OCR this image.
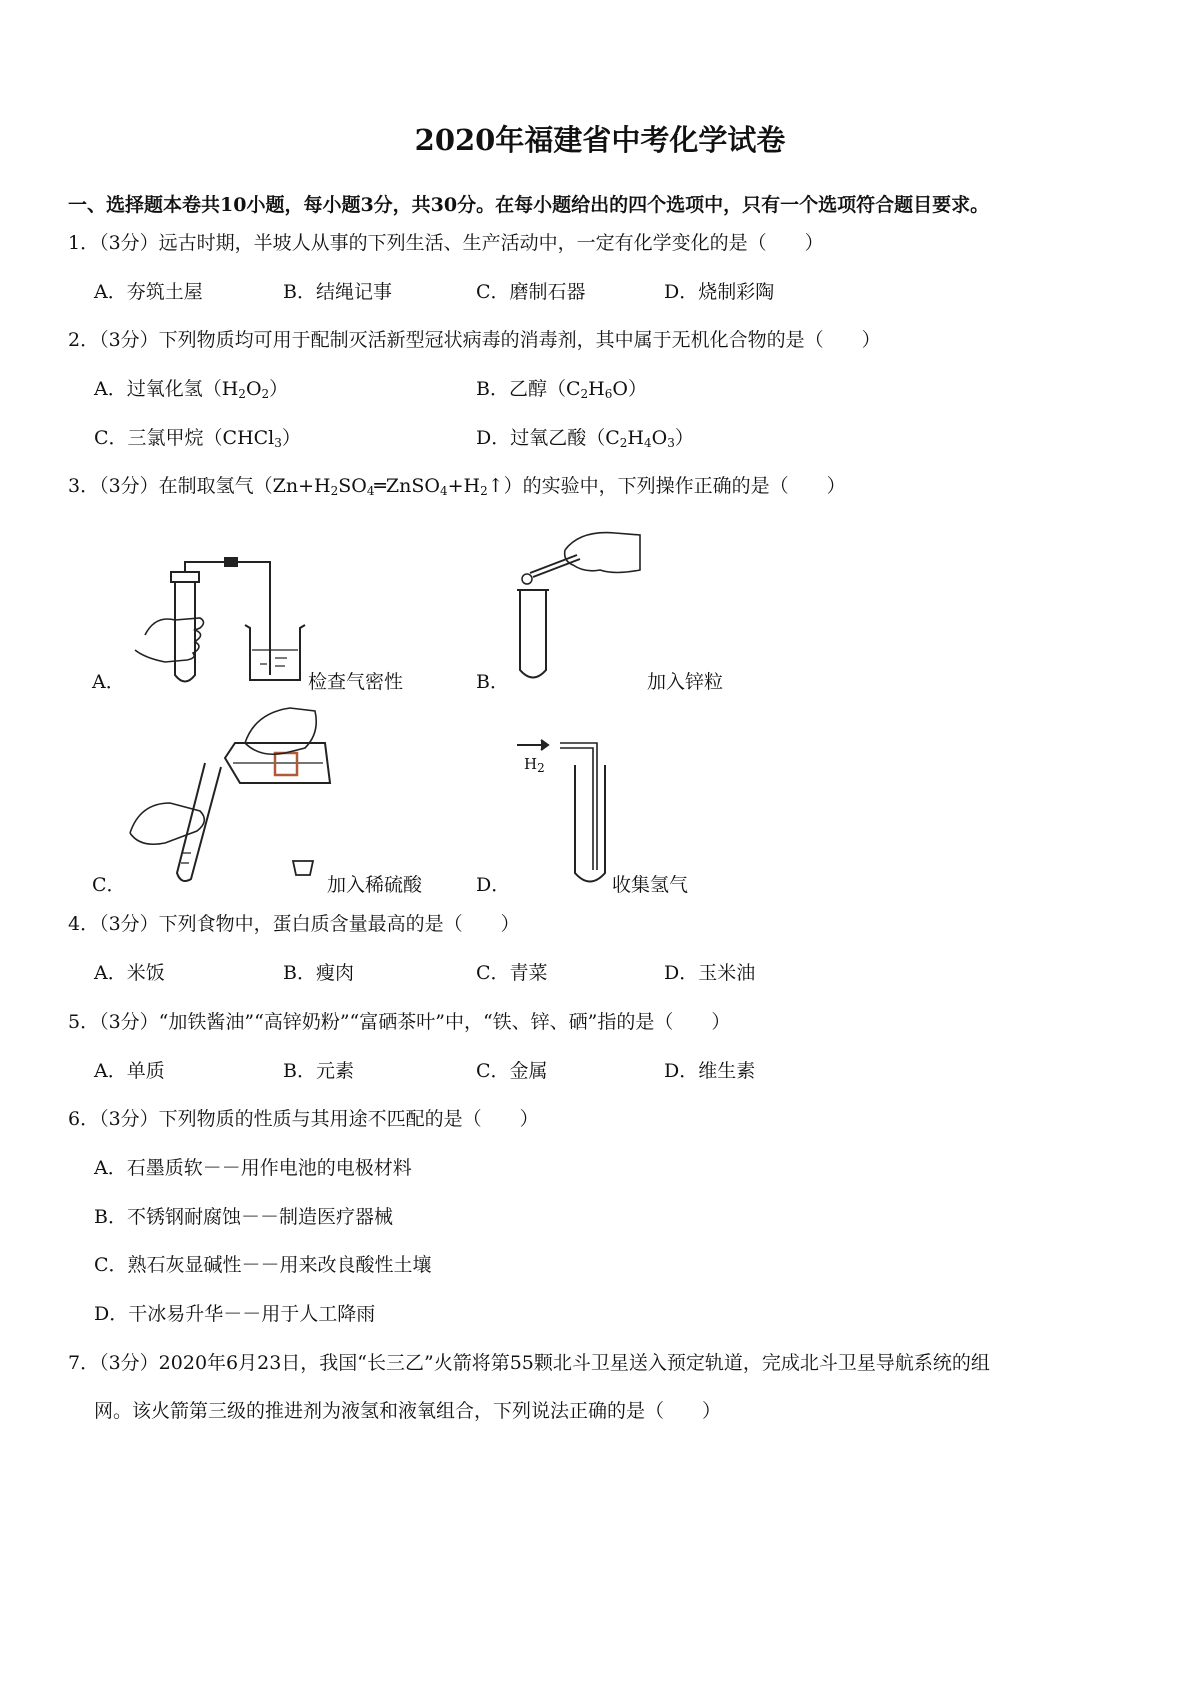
2020年福建省中考化学试卷
一、选择题本卷共10小题，每小题3分，共30分。在每小题给出的四个选项中，只有一个选项符合题目要求。
1．（3分）远古时期，半坡人从事的下列生活、生产活动中，一定有化学变化的是（　　）
A．夯筑土屋	B．结绳记事	C．磨制石器	D．烧制彩陶
2．（3分）下列物质均可用于配制灭活新型冠状病毒的消毒剂，其中属于无机化合物的是（　　）
A．过氧化氢$(H_2O_2)$	B．乙醇$(C_2H_6O)$
C．三氯甲烷（CHCl$_3$）	D．过氧乙酸$(C_2H_4O_3)$
3．（3分）在制取氢气$(Zn+H_2SO_4═ZnSO_4+H_2↑)$的实验中，下列操作正确的是（　　）
A．	检查气密性	B．	加入锌粒
C．	加入稀硫酸
$H_2$
D．	收集氢气
4．（3分）下列食物中，蛋白质含量最高的是（　　）
A．米饭	B．瘦肉	C．青菜	D．玉米油
5．（3分）“加铁酱油”“高锌奶粉”“富硒茶叶”中，“铁、锌、硒”指的是（　　）
A．单质	B．元素	C．金属	D．维生素
6．（3分）下列物质的性质与其用途不匹配的是（　　）
A．石墨质软－－用作电池的电极材料
B．不锈钢耐腐蚀－－制造医疗器械
C．熟石灰显碱性－－用来改良酸性土壤
D．干冰易升华－－用于人工降雨
7．（3分）2020年6月23日，我国“长三乙”火箭将第55颗北斗卫星送入预定轨道，完成北斗卫星导航系统的组
网。该火箭第三级的推进剂为液氢和液氧组合，下列说法正确的是（　　）
